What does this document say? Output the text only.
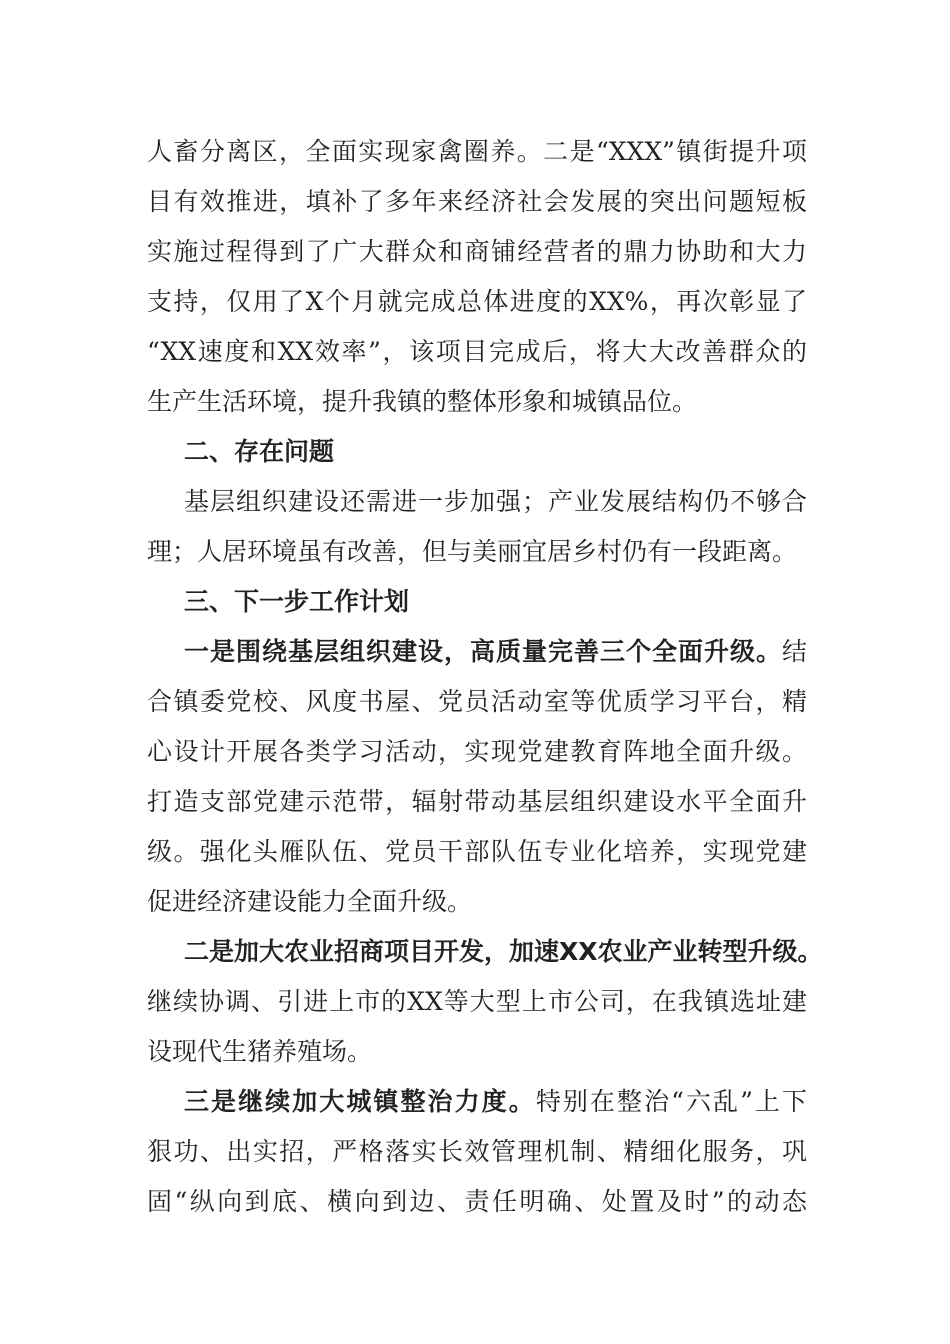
人畜分离区，全面实现家禽圈养。二是“XXX”镇街提升项
目有效推进，填补了多年来经济社会发展的突出问题短板
实施过程得到了广大群众和商铺经营者的鼎力协助和大力
支持，仅用了X个月就完成总体进度的XX%，再次彰显了
“XX速度和XX效率”，该项目完成后，将大大改善群众的
生产生活环境，提升我镇的整体形象和城镇品位。
二、存在问题
基层组织建设还需进一步加强；产业发展结构仍不够合
理；人居环境虽有改善，但与美丽宜居乡村仍有一段距离。
三、下一步工作计划
一是围绕基层组织建设，高质量完善三个全面升级。结
合镇委党校、风度书屋、党员活动室等优质学习平台，精
心设计开展各类学习活动，实现党建教育阵地全面升级。
打造支部党建示范带，辐射带动基层组织建设水平全面升
级。强化头雁队伍、党员干部队伍专业化培养，实现党建
促进经济建设能力全面升级。
二是加大农业招商项目开发，加速XX农业产业转型升级。
继续协调、引进上市的XX等大型上市公司，在我镇选址建
设现代生猪养殖场。
三是继续加大城镇整治力度。特别在整治“六乱”上下
狠功、出实招，严格落实长效管理机制、精细化服务，巩
固“纵向到底、横向到边、责任明确、处置及时”的动态
